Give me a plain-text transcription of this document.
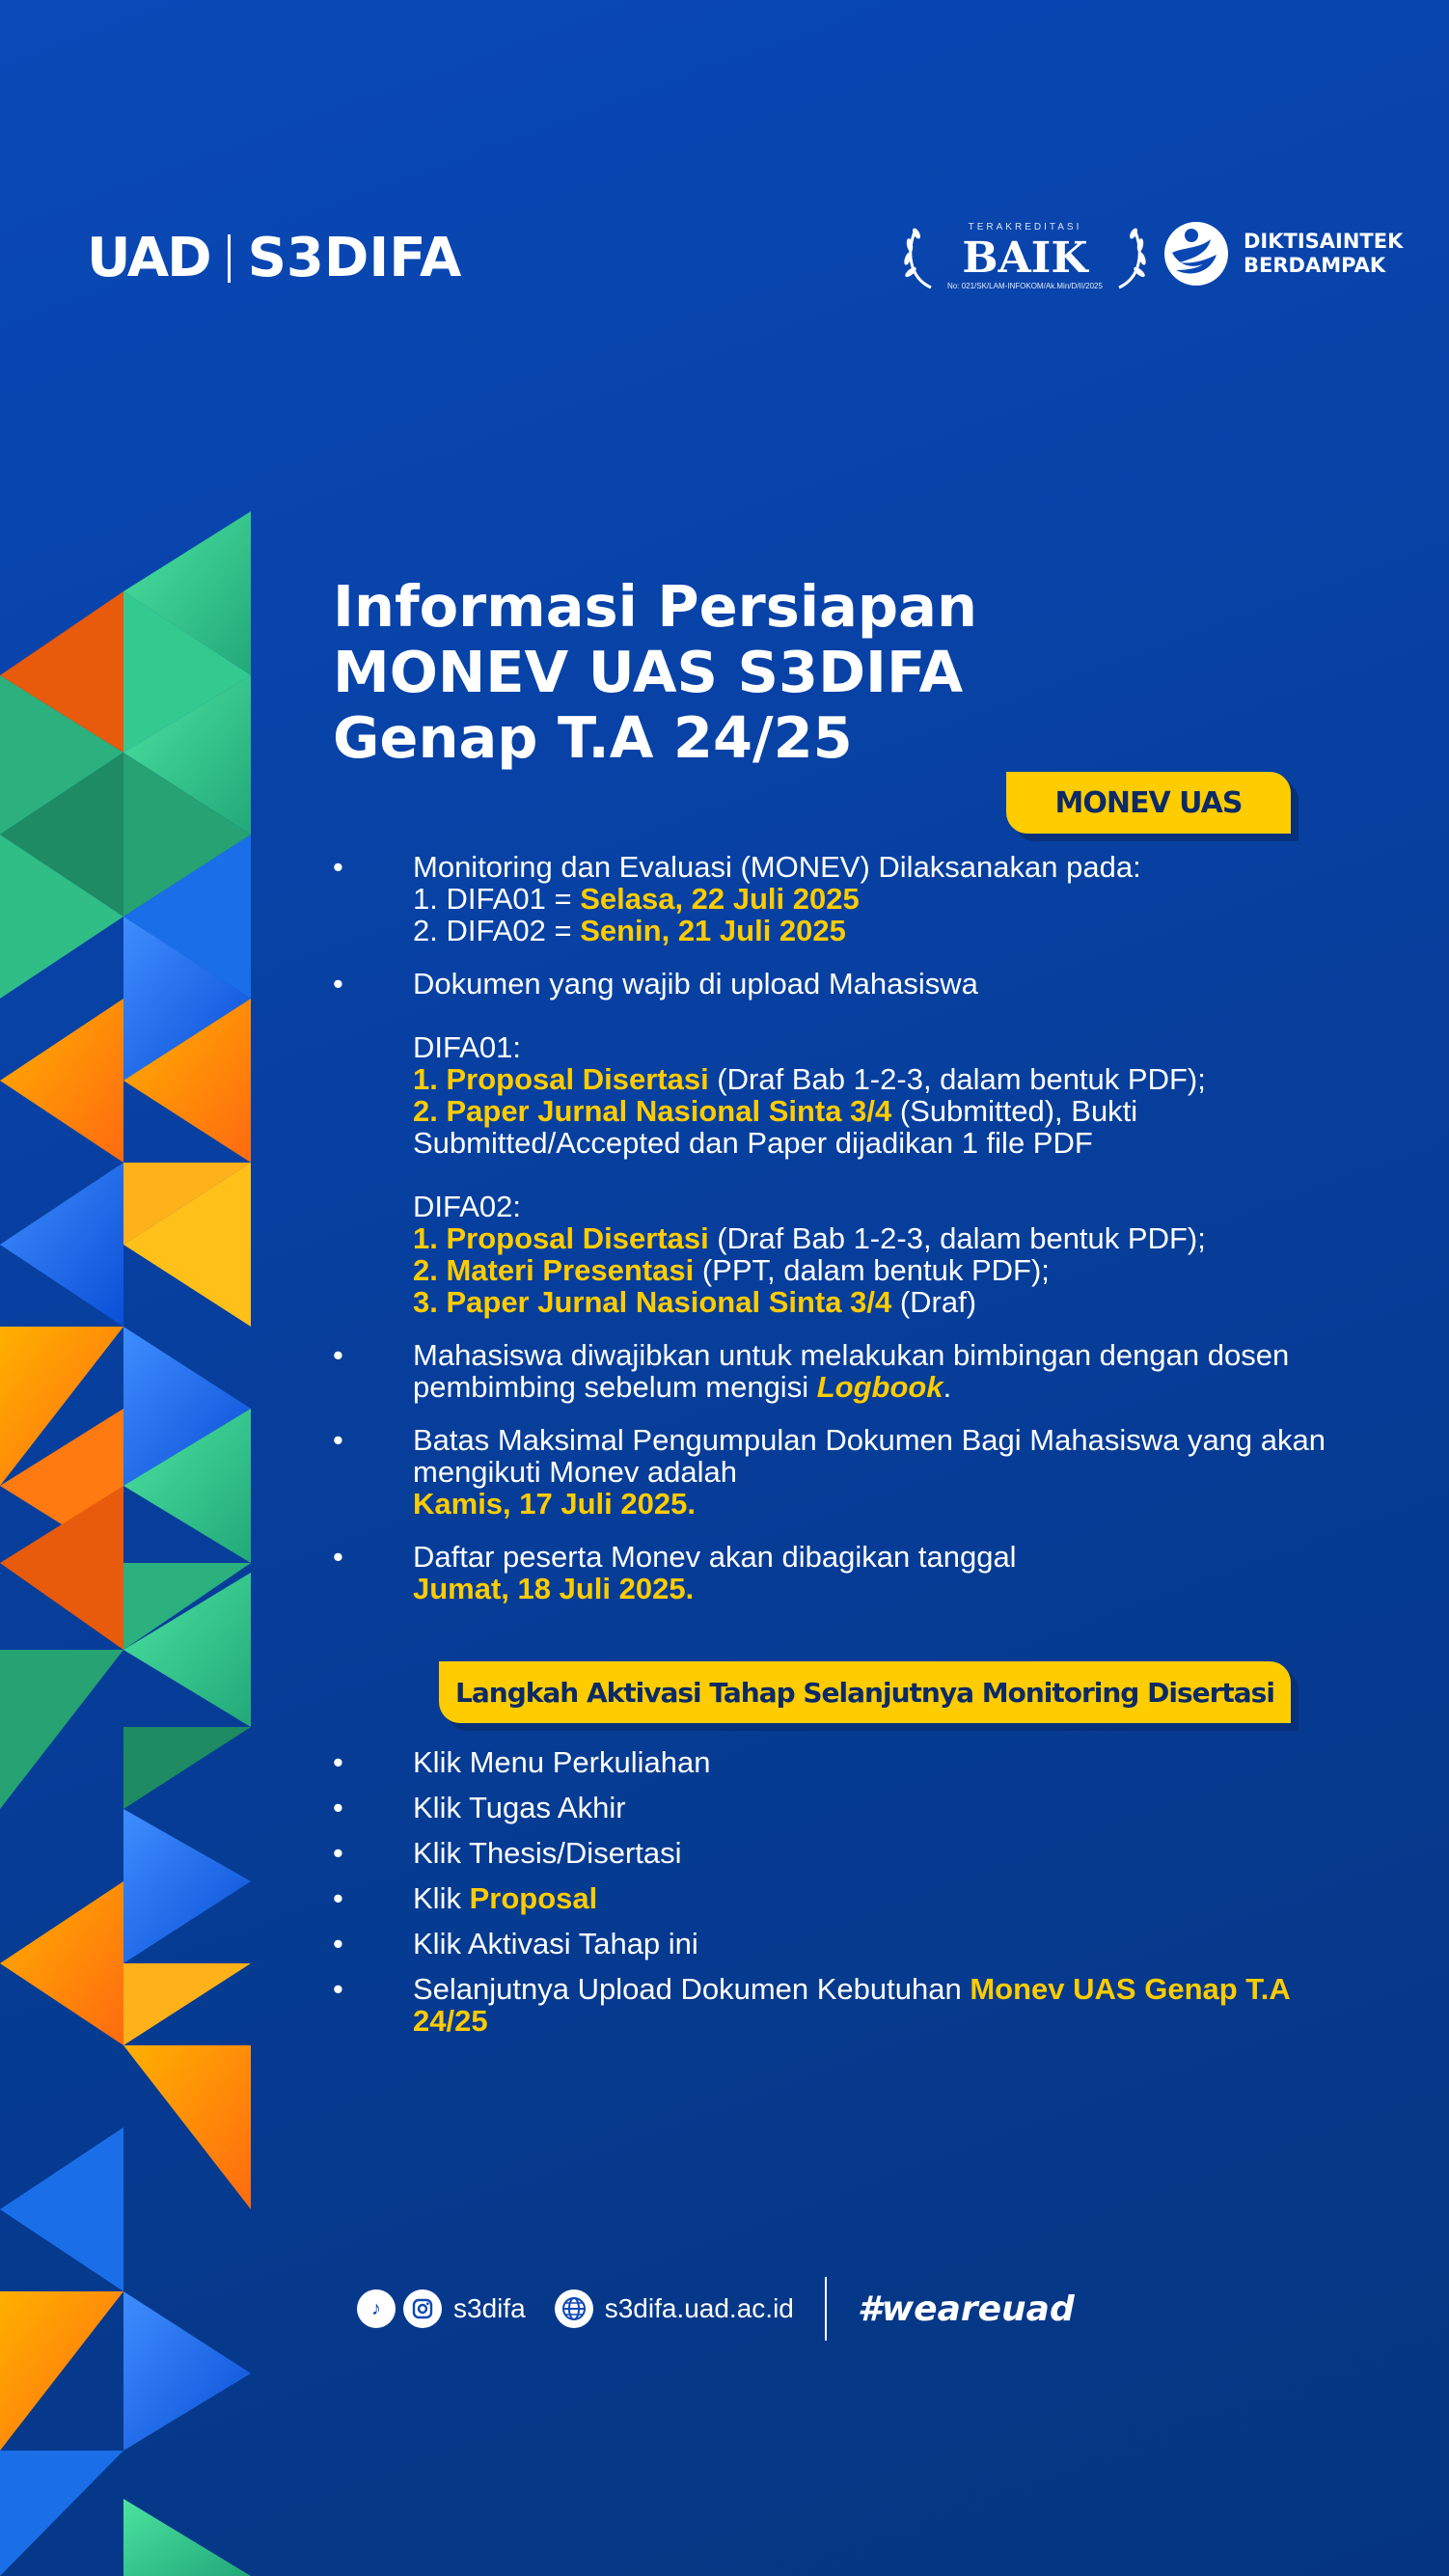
UAD S3DIFA	TERAKREDITASI
BAIK
No: 021/SK/LAM-INFOKOM/Ak.Min/D/II/2025
DIKTISAINTEK
BERDAMPAK
Informasi Persiapan
MONEV UAS S3DIFA
Genap T.A 24/25
MONEV UAS
• Monitoring dan Evaluasi (MONEV) Dilaksanakan pada:
1. DIFA01 = Selasa, 22 Juli 2025
2. DIFA02 = Senin, 21 Juli 2025
• Dokumen yang wajib di upload Mahasiswa
DIFA01:
1. Proposal Disertasi (Draf Bab 1-2-3, dalam bentuk PDF);
2. Paper Jurnal Nasional Sinta 3/4 (Submitted), Bukti Submitted/Accepted dan Paper dijadikan 1 file PDF
DIFA02:
1. Proposal Disertasi (Draf Bab 1-2-3, dalam bentuk PDF);
2. Materi Presentasi (PPT, dalam bentuk PDF);
3. Paper Jurnal Nasional Sinta 3/4 (Draf)
• Mahasiswa diwajibkan untuk melakukan bimbingan dengan dosen pembimbing sebelum mengisi Logbook.
• Batas Maksimal Pengumpulan Dokumen Bagi Mahasiswa yang akan mengikuti Monev adalah
Kamis, 17 Juli 2025.
• Daftar peserta Monev akan dibagikan tanggal
Jumat, 18 Juli 2025.
Langkah Aktivasi Tahap Selanjutnya Monitoring Disertasi
• Klik Menu Perkuliahan
• Klik Tugas Akhir
• Klik Thesis/Disertasi
• Klik Proposal
• Klik Aktivasi Tahap ini
• Selanjutnya Upload Dokumen Kebutuhan Monev UAS Genap T.A 24/25
♪	s3difa	s3difa.uad.ac.id #weareuad
